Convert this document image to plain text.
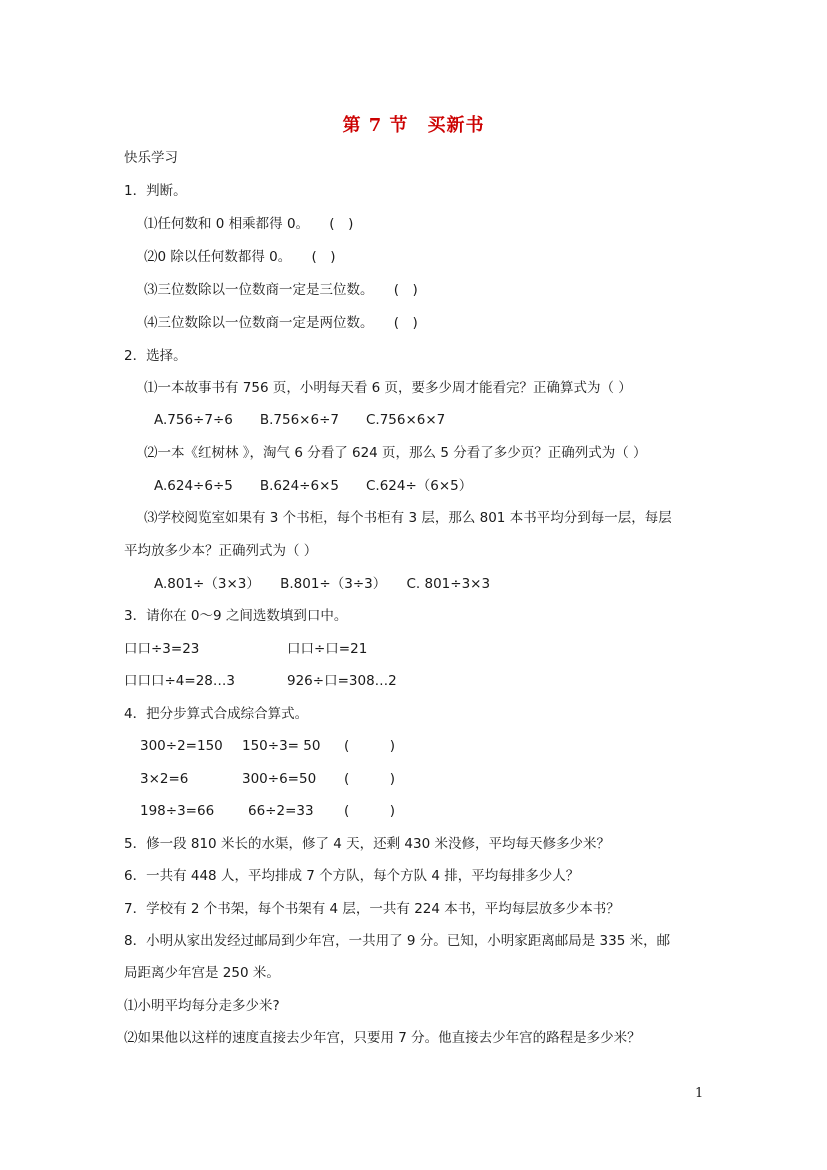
第 7 节　买新书
快乐学习
1．判断。
⑴任何数和 0 相乘都得 0。　　(　)
⑵0 除以任何数都得 0。　　(　)
⑶三位数除以一位数商一定是三位数。　　(　)
⑷三位数除以一位数商一定是两位数。　　(　)
2．选择。
⑴一本故事书有 756 页，小明每天看 6 页，要多少周才能看完？正确算式为（ ）
A.756÷7÷6　　B.756×6÷7　　C.756×6×7
⑵一本《红树林 》，淘气 6 分看了 624 页，那么 5 分看了多少页？正确列式为（ ）
A.624÷6÷5　　B.624÷6×5　　C.624÷（6×5）
⑶学校阅览室如果有 3 个书柜，每个书柜有 3 层，那么 801 本书平均分到每一层，每层
平均放多少本？正确列式为（ ）
A.801÷（3×3）　　B.801÷（3÷3）　　C. 801÷3×3
3．请你在 0～9 之间选数填到口中。
口口÷3=23	口口÷口=21
口口口÷4=28…3	926÷口=308…2
4．把分步算式合成综合算式。
300÷2=150 150÷3= 50 (　　　)
3×2=6	300÷6=50 (　　　)
198÷3=66	66÷2=33 (　　　)
5．修一段 810 米长的水渠，修了 4 天，还剩 430 米没修，平均每天修多少米？
6．一共有 448 人，平均排成 7 个方队，每个方队 4 排，平均每排多少人？
7．学校有 2 个书架，每个书架有 4 层，一共有 224 本书，平均每层放多少本书？
8．小明从家出发经过邮局到少年宫，一共用了 9 分。已知，小明家距离邮局是 335 米，邮
局距离少年宫是 250 米。
⑴小明平均每分走多少米?
⑵如果他以这样的速度直接去少年宫，只要用 7 分。他直接去少年宫的路程是多少米？
1
